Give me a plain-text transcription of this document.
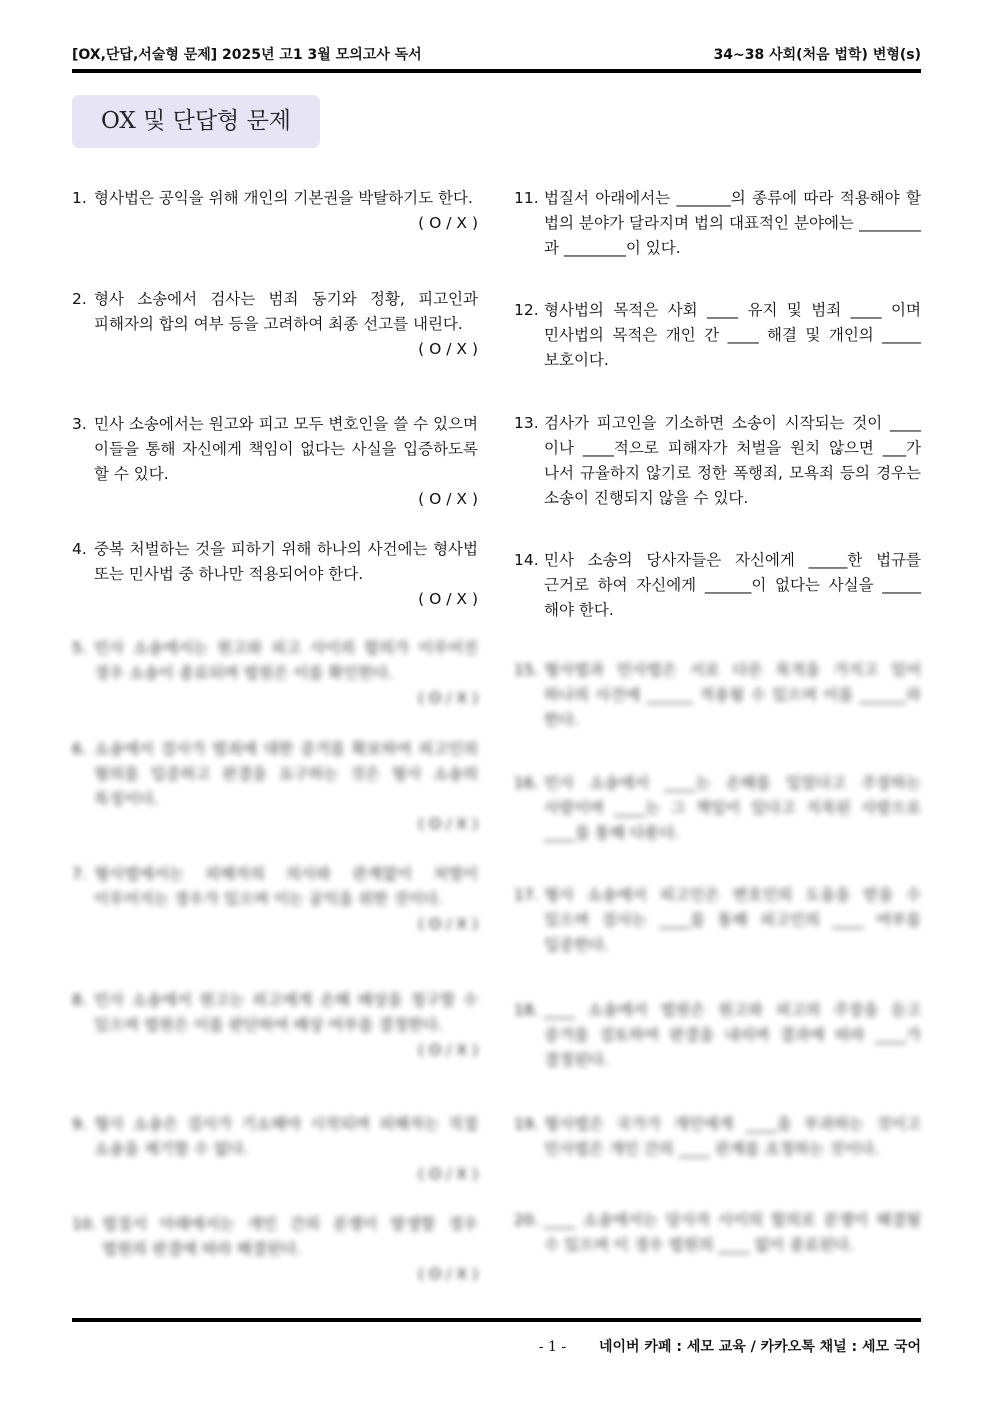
[OX,단답,서술형 문제] 2025년 고1 3월 모의고사 독서	34~38 사회(처음 법학) 변형(s)
OX 및 단답형 문제
1. 형사법은 공익을 위해 개인의 기본권을 박탈하기도 한다.
( O / X )
2. 형사 소송에서 검사는 범죄 동기와 정황, 피고인과 피해자의 합의 여부 등을 고려하여 최종 선고를 내린다.
( O / X )
3. 민사 소송에서는 원고와 피고 모두 변호인을 쓸 수 있으며 이들을 통해 자신에게 책임이 없다는 사실을 입증하도록 할 수 있다.
( O / X )
4. 중복 처벌하는 것을 피하기 위해 하나의 사건에는 형사법 또는 민사법 중 하나만 적용되어야 한다.
( O / X )
5. 민사 소송에서는 원고와 피고 사이의 합의가 이루어진 경우 소송이 종료되며 법원은 이를 확인한다.
( O / X )
6. 소송에서 검사가 범죄에 대한 증거를 확보하여 피고인의 혐의를 입증하고 판결을 요구하는 것은 형사 소송의 특징이다.
( O / X )
7. 형사법에서는 피해자의 의사와 관계없이 처벌이 이루어지는 경우가 있으며 이는 공익을 위한 것이다.
( O / X )
8. 민사 소송에서 원고는 피고에게 손해 배상을 청구할 수 있으며 법원은 이를 판단하여 배상 여부를 결정한다.
( O / X )
9. 형사 소송은 검사가 기소해야 시작되며 피해자는 직접 소송을 제기할 수 없다.
( O / X )
10. 법질서 아래에서는 개인 간의 분쟁이 발생할 경우 법원의 판결에 따라 해결된다.
( O / X )
11. 법질서 아래에서는 _______의 종류에 따라 적용해야 할 법의 분야가 달라지며 법의 대표적인 분야에는 ________과 ________이 있다.
12. 형사법의 목적은 사회 ____ 유지 및 범죄 ____ 이며 민사법의 목적은 개인 간 ____ 해결 및 개인의 _____ 보호이다.
13. 검사가 피고인을 기소하면 소송이 시작되는 것이 ____이나 ____적으로 피해자가 처벌을 원치 않으면 ___가 나서 규율하지 않기로 정한 폭행죄, 모욕죄 등의 경우는 소송이 진행되지 않을 수 있다.
14. 민사 소송의 당사자들은 자신에게 _____한 법규를 근거로 하여 자신에게 ______이 없다는 사실을 _____해야 한다.
15. 형사법과 민사법은 서로 다른 목적을 가지고 있어 하나의 사건에 ______ 적용될 수 있으며 이를 ______라 한다.
16. 민사 소송에서 ____는 손해를 입었다고 주장하는 사람이며 ____는 그 책임이 있다고 지목된 사람으로 ____를 통해 다툰다.
17. 형사 소송에서 피고인은 변호인의 도움을 받을 수 있으며 검사는 ____를 통해 피고인의 ____ 여부를 입증한다.
18. ____ 소송에서 법원은 원고와 피고의 주장을 듣고 증거를 검토하여 판결을 내리며 결과에 따라 ____가 결정된다.
19. 형사법은 국가가 개인에게 ____을 부과하는 것이고 민사법은 개인 간의 ____ 관계를 조정하는 것이다.
20. ____ 소송에서는 당사자 사이의 합의로 분쟁이 해결될 수 있으며 이 경우 법원의 ____ 없이 종료된다.
- 1 - 네이버 카페 : 세모 교육 / 카카오톡 채널 : 세모 국어
